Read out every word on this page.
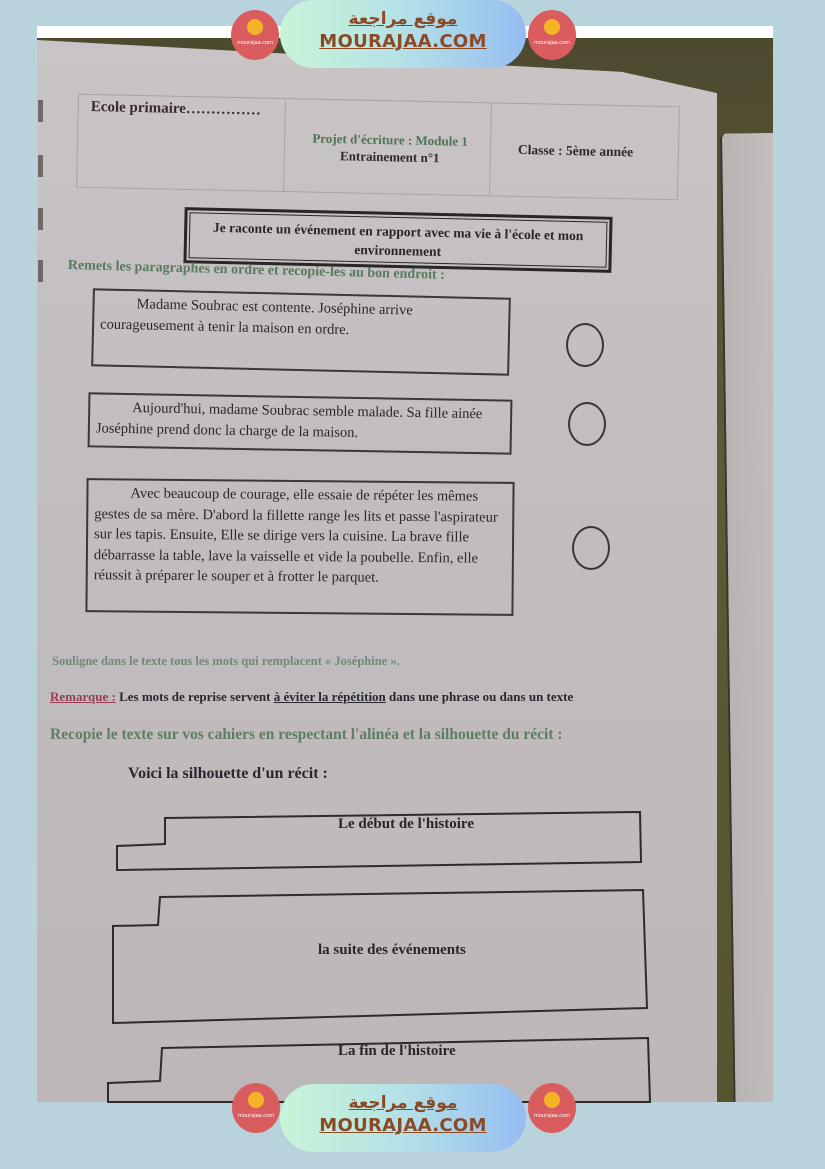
Ecole primaire……………
Projet d'écriture : Module 1
Entrainement n°1	Classe : 5ème année
Je raconte un événement en rapport avec ma vie à l'école et mon environnement
Remets les paragraphes en ordre et recopie-les au bon endroit :
Madame Soubrac est contente. Joséphine arrive courageusement à tenir la maison en ordre.
Aujourd'hui, madame Soubrac semble malade. Sa fille ainée Joséphine prend donc la charge de la maison.
Avec beaucoup de courage, elle essaie de répéter les mêmes gestes de sa mère. D'abord la fillette range les lits et passe l'aspirateur sur les tapis. Ensuite, Elle se dirige vers la cuisine. La brave fille débarrasse la table, lave la vaisselle et vide la poubelle. Enfin, elle réussit à préparer le souper et à frotter le parquet.
Souligne dans le texte tous les mots qui remplacent « Joséphine ».
Remarque : Les mots de reprise servent à éviter la répétition dans une phrase ou dans un texte
Recopie le texte sur vos cahiers en respectant l'alinéa et la silhouette du récit :
Voici la silhouette d'un récit :
Le début de l'histoire
la suite des événements
La fin de l'histoire
mourajaa.com
موقع مراجعة
MOURAJAA.COM	mourajaa.com
mourajaa.com
موقع مراجعة
MOURAJAA.COM	mourajaa.com
